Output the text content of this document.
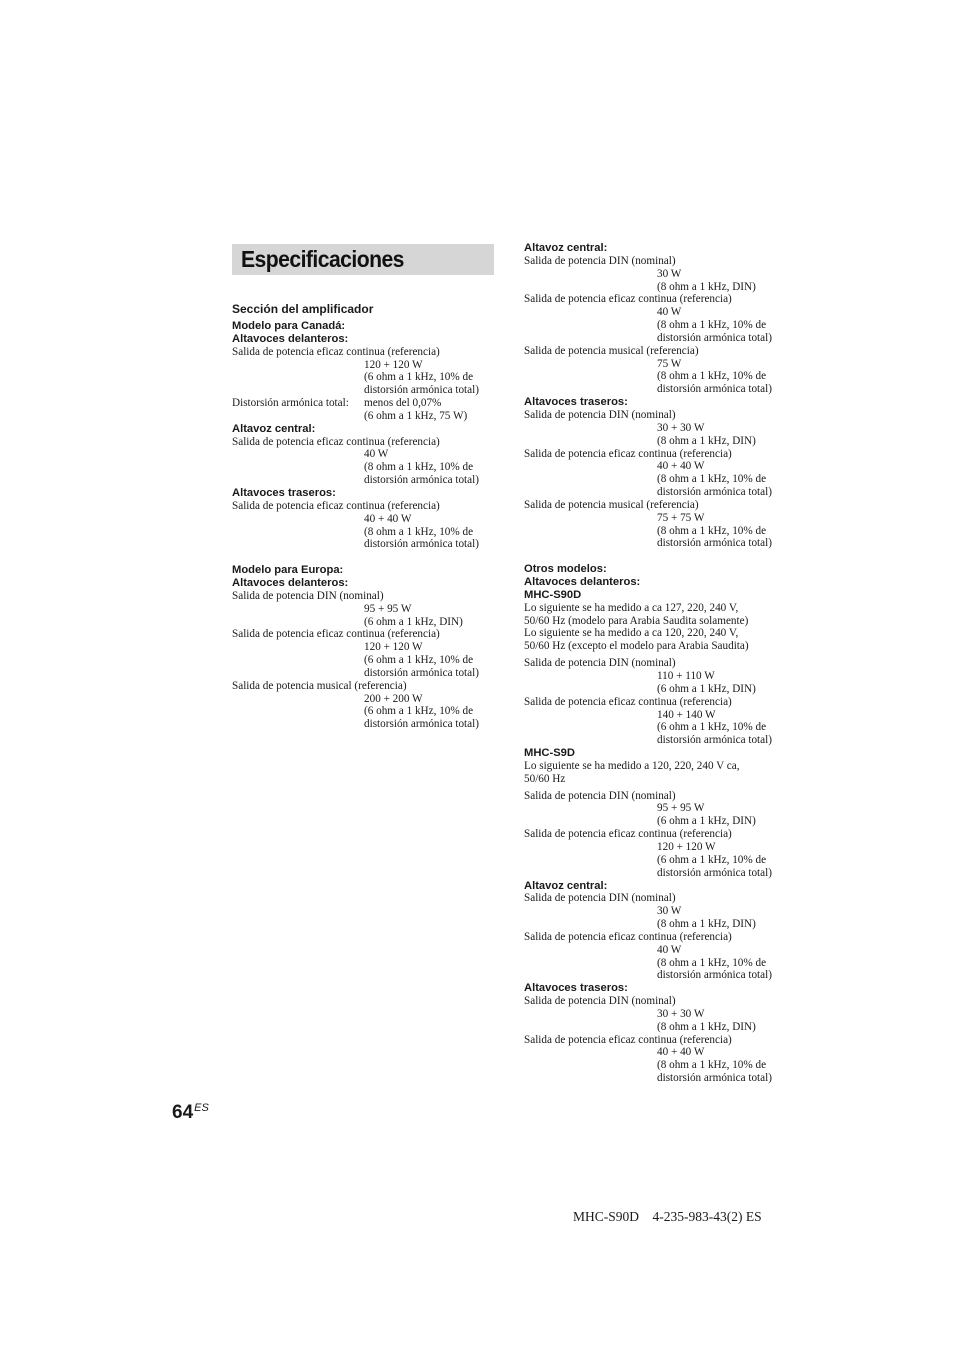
Especificaciones
Sección del amplificador
Modelo para Canadá:
Altavoces delanteros:
Salida de potencia eficaz continua (referencia)
120 + 120 W
(6 ohm a 1 kHz, 10% de
distorsión armónica total)
Distorsión armónica total:	menos del 0,07%
(6 ohm a 1 kHz, 75 W)
Altavoz central:
Salida de potencia eficaz continua (referencia)
40 W
(8 ohm a 1 kHz, 10% de
distorsión armónica total)
Altavoces traseros:
Salida de potencia eficaz continua (referencia)
40 + 40 W
(8 ohm a 1 kHz, 10% de
distorsión armónica total)
Modelo para Europa:
Altavoces delanteros:
Salida de potencia DIN (nominal)
95 + 95 W
(6 ohm a 1 kHz, DIN)
Salida de potencia eficaz continua (referencia)
120 + 120 W
(6 ohm a 1 kHz, 10% de
distorsión armónica total)
Salida de potencia musical (referencia)
200 + 200 W
(6 ohm a 1 kHz, 10% de
distorsión armónica total)
Altavoz central:
Salida de potencia DIN (nominal)
30 W
(8 ohm a 1 kHz, DIN)
Salida de potencia eficaz continua (referencia)
40 W
(8 ohm a 1 kHz, 10% de
distorsión armónica total)
Salida de potencia musical (referencia)
75 W
(8 ohm a 1 kHz, 10% de
distorsión armónica total)
Altavoces traseros:
Salida de potencia DIN (nominal)
30 + 30 W
(8 ohm a 1 kHz, DIN)
Salida de potencia eficaz continua (referencia)
40 + 40 W
(8 ohm a 1 kHz, 10% de
distorsión armónica total)
Salida de potencia musical (referencia)
75 + 75 W
(8 ohm a 1 kHz, 10% de
distorsión armónica total)
Otros modelos:
Altavoces delanteros:
MHC-S90D
Lo siguiente se ha medido a ca 127, 220, 240 V,
50/60 Hz (modelo para Arabia Saudita solamente)
Lo siguiente se ha medido a ca 120, 220, 240 V,
50/60 Hz (excepto el modelo para Arabia Saudita)
Salida de potencia DIN (nominal)
110 + 110 W
(6 ohm a 1 kHz, DIN)
Salida de potencia eficaz continua (referencia)
140 + 140 W
(6 ohm a 1 kHz, 10% de
distorsión armónica total)
MHC-S9D
Lo siguiente se ha medido a 120, 220, 240 V ca,
50/60 Hz
Salida de potencia DIN (nominal)
95 + 95 W
(6 ohm a 1 kHz, DIN)
Salida de potencia eficaz continua (referencia)
120 + 120 W
(6 ohm a 1 kHz, 10% de
distorsión armónica total)
Altavoz central:
Salida de potencia DIN (nominal)
30 W
(8 ohm a 1 kHz, DIN)
Salida de potencia eficaz continua (referencia)
40 W
(8 ohm a 1 kHz, 10% de
distorsión armónica total)
Altavoces traseros:
Salida de potencia DIN (nominal)
30 + 30 W
(8 ohm a 1 kHz, DIN)
Salida de potencia eficaz continua (referencia)
40 + 40 W
(8 ohm a 1 kHz, 10% de
distorsión armónica total)
$64^{ES}$
MHC-S90D    4-235-983-43(2) ES
